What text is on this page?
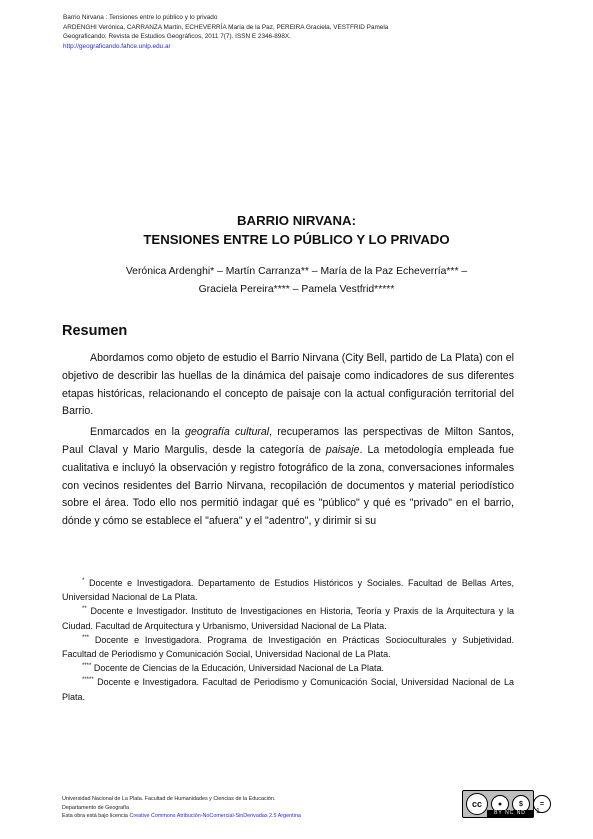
Barrio Nirvana : Tensiones entre lo público y lo privado
ARDENGHI Verónica, CARRANZA Martín, ECHEVERRÍA María de la Paz, PEREIRA Graciela, VESTFRID Pamela
Geograficando: Revista de Estudios Geográficos, 2011 7(7). ISSN E 2346-898X.
http://geograficando.fahce.unlp.edu.ar
BARRIO NIRVANA:
TENSIONES ENTRE LO PÚBLICO Y LO PRIVADO
Verónica Ardenghi* – Martín Carranza** – María de la Paz Echeverría*** –
Graciela Pereira**** – Pamela Vestfrid*****
Resumen

Abordamos como objeto de estudio el Barrio Nirvana (City Bell, partido de La Plata) con el objetivo de describir las huellas de la dinámica del paisaje como indicadores de sus diferentes etapas históricas, relacionando el concepto de paisaje con la actual configuración territorial del Barrio.

Enmarcados en la geografía cultural, recuperamos las perspectivas de Milton Santos, Paul Claval y Mario Margulis, desde la categoría de paisaje. La metodología empleada fue cualitativa e incluyó la observación y registro fotográfico de la zona, conversaciones informales con vecinos residentes del Barrio Nirvana, recopilación de documentos y material periodístico sobre el área. Todo ello nos permitió indagar qué es "público" y qué es "privado" en el barrio, dónde y cómo se establece el "afuera" y el "adentro", y dirimir si su

* Docente e Investigadora. Departamento de Estudios Históricos y Sociales. Facultad de Bellas Artes, Universidad Nacional de La Plata.

** Docente e Investigador. Instituto de Investigaciones en Historia, Teoría y Praxis de la Arquitectura y la Ciudad. Facultad de Arquitectura y Urbanismo, Universidad Nacional de La Plata.

*** Docente e Investigadora. Programa de Investigación en Prácticas Socioculturales y Subjetividad. Facultad de Periodismo y Comunicación Social, Universidad Nacional de La Plata.

**** Docente de Ciencias de la Educación, Universidad Nacional de La Plata.

***** Docente e Investigadora. Facultad de Periodismo y Comunicación Social, Universidad Nacional de La Plata.

Universidad Nacional de La Plata. Facultad de Humanidades y Ciencias de la Educación.
Departamento de Geografía
Esta obra está bajo licencia Creative Commons Atribución-NoComercial-SinDerivadas 2.5 Argentina
cc	●	$	=
BY NC ND	1
